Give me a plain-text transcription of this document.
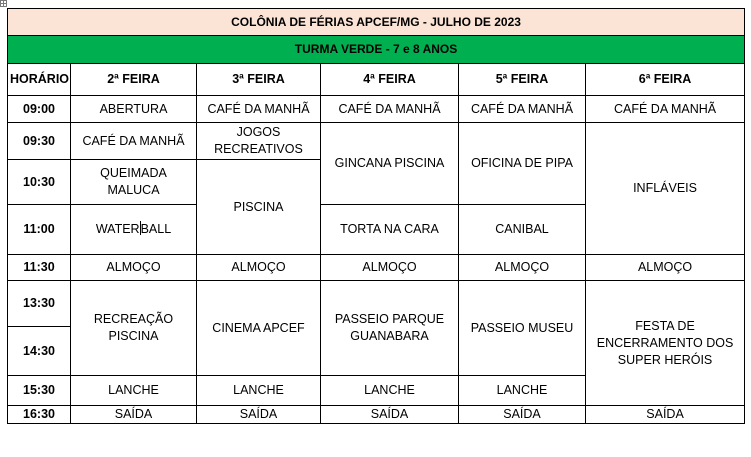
COLÔNIA DE FÉRIAS APCEF/MG - JULHO DE 2023					
TURMA VERDE - 7 e 8 ANOS					
HORÁRIO	2ª FEIRA	3ª FEIRA	4ª FEIRA	5ª FEIRA	6ª FEIRA
09:00	ABERTURA	CAFÉ DA MANHÃ	CAFÉ DA MANHÃ	CAFÉ DA MANHÃ	CAFÉ DA MANHÃ
09:30	CAFÉ DA MANHÃ	JOGOS RECREATIVOS	GINCANA PISCINA	OFICINA DE PIPA	INFLÁVEIS
10:30	QUEIMADA MALUCA	PISCINA			
11:00	WATERBALL		TORTA NA CARA	CANIBAL	
11:30	ALMOÇO	ALMOÇO	ALMOÇO	ALMOÇO	ALMOÇO
13:30	RECREAÇÃO PISCINA	CINEMA APCEF	PASSEIO PARQUE GUANABARA	PASSEIO MUSEU	FESTA DE ENCERRAMENTO DOS SUPER HERÓIS
14:30					
15:30	LANCHE	LANCHE	LANCHE	LANCHE	
16:30	SAÍDA	SAÍDA	SAÍDA	SAÍDA	SAÍDA
